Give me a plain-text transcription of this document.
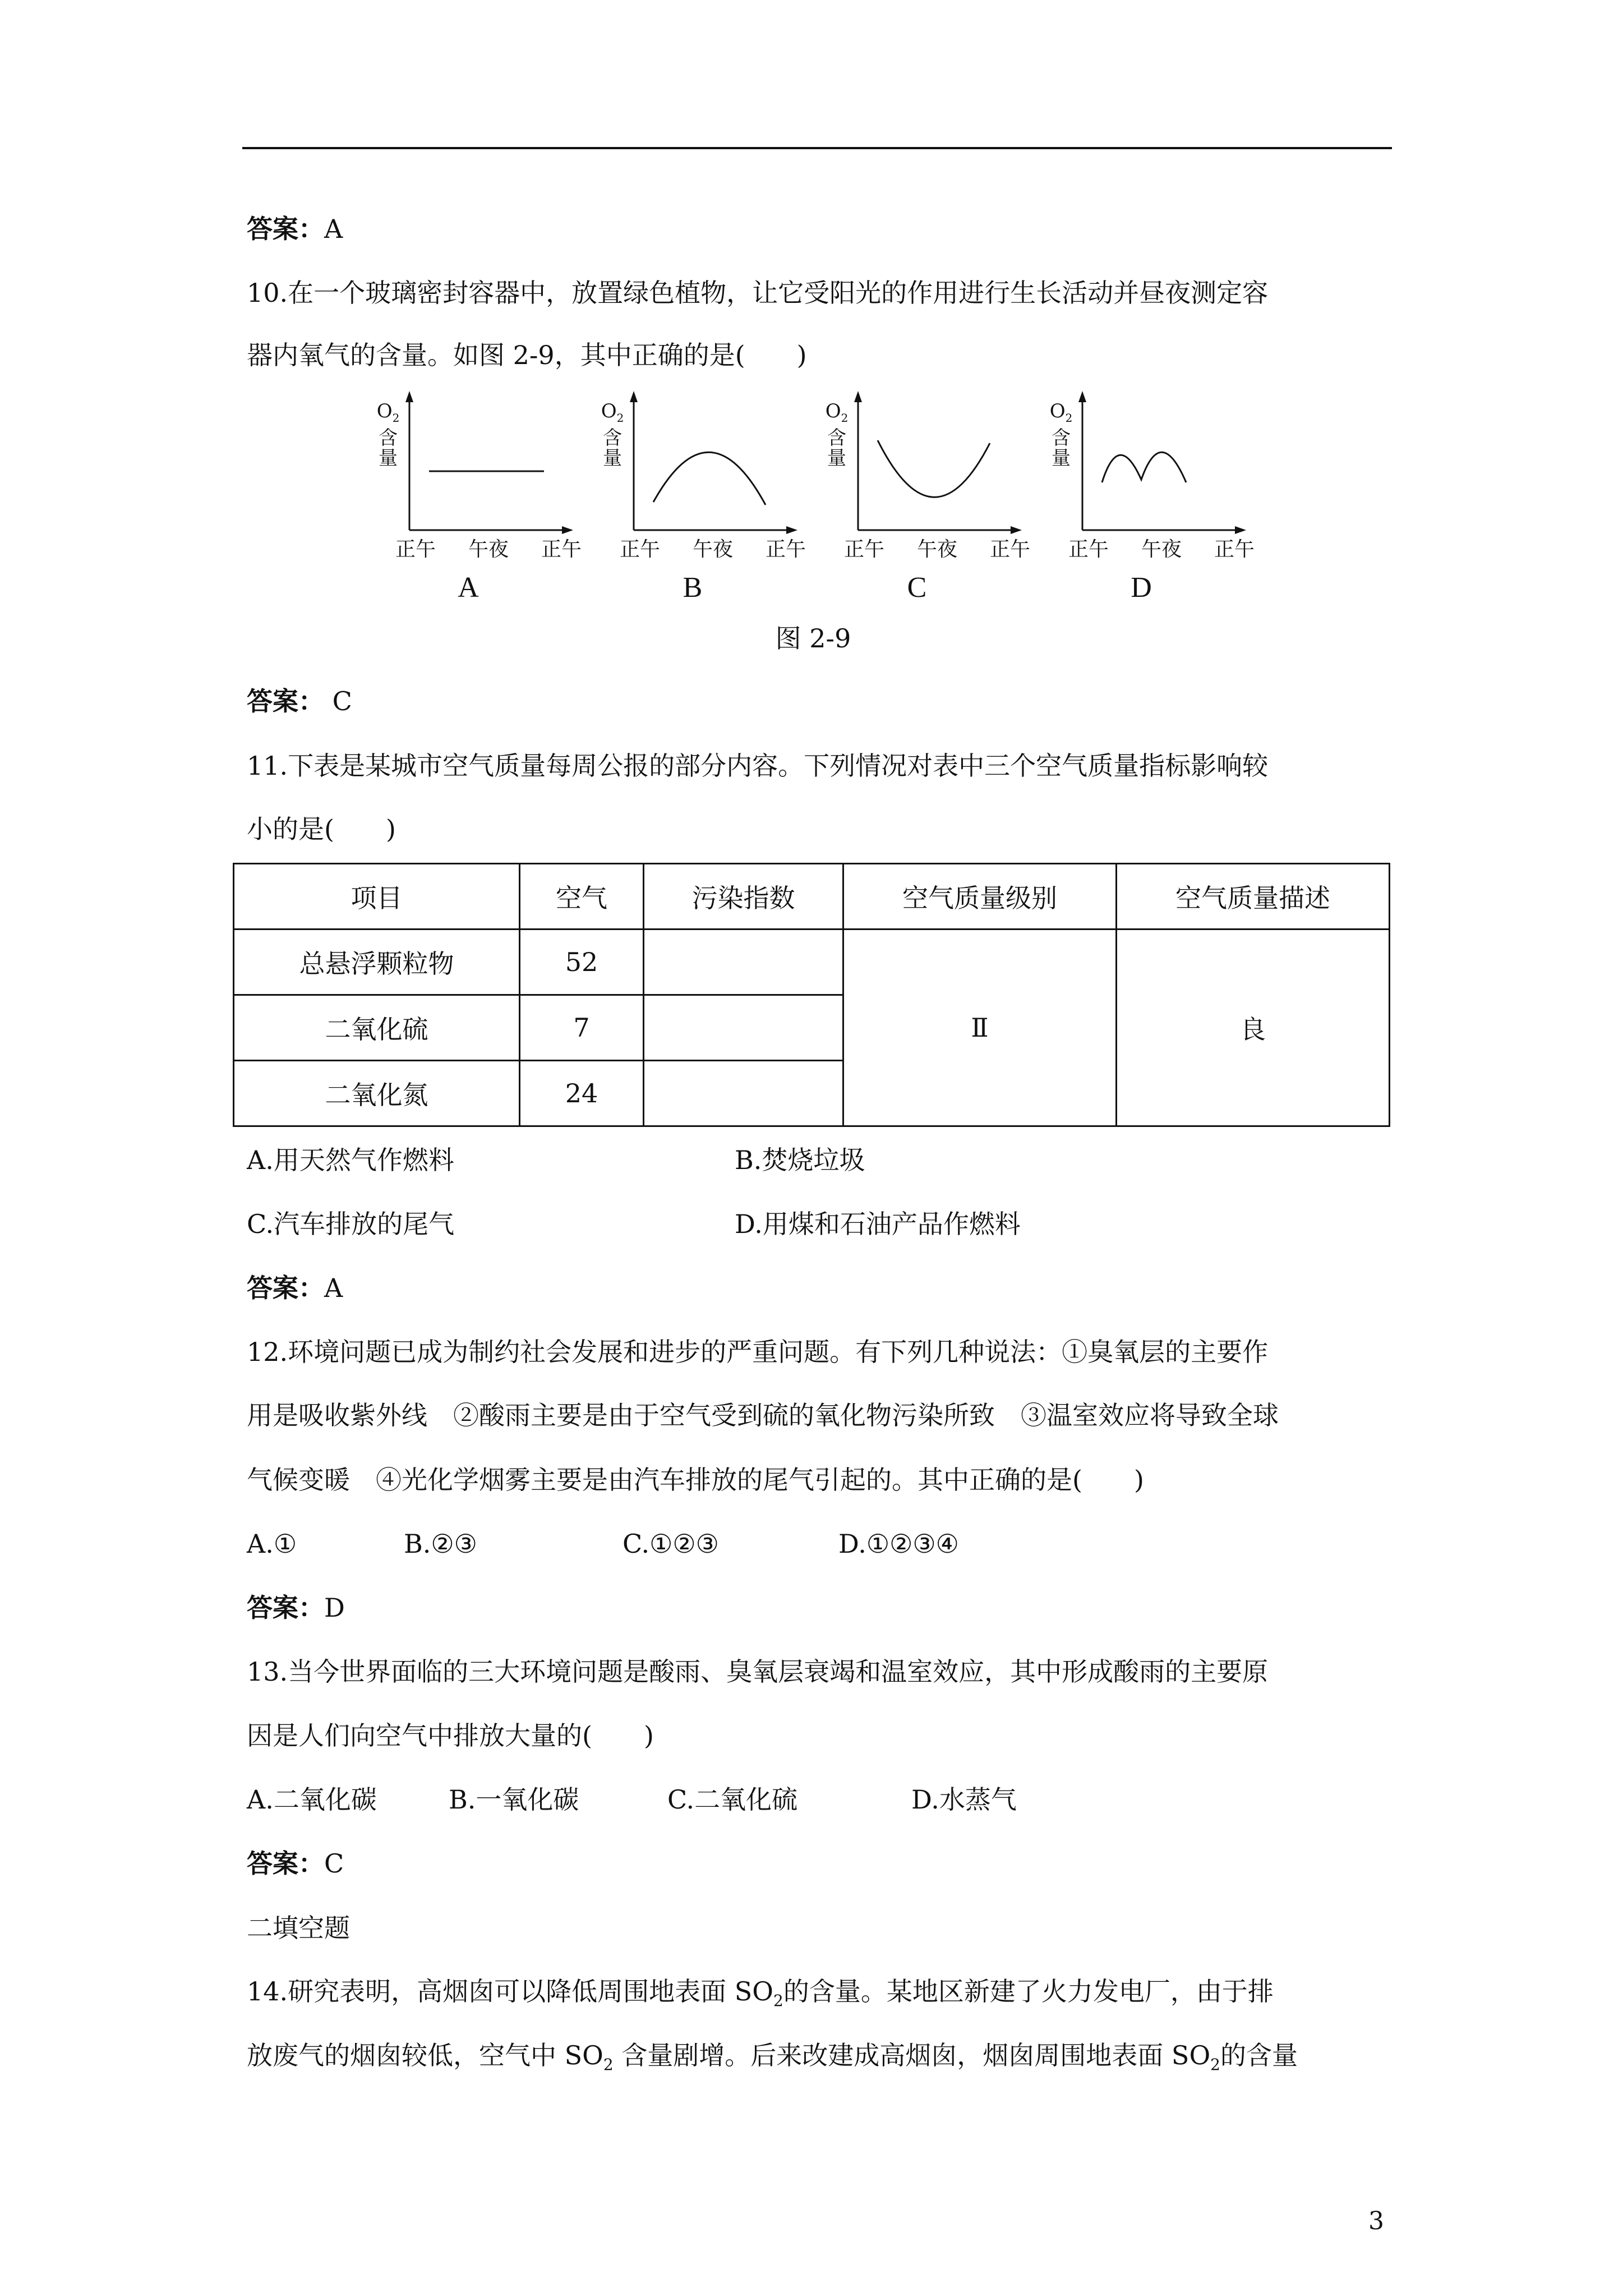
答案：A
10.在一个玻璃密封容器中，放置绿色植物，让它受阳光的作用进行生长活动并昼夜测定容
器内氧气的含量。如图 2-9，其中正确的是(　　)
$O_2$
含
量
正午 午夜 正午
A
$O_2$
含
量
正午 午夜 正午
B
$O_2$
含
量
正午 午夜 正午
C
$O_2$
含
量
正午 午夜 正午
D
图 2-9
答案： C
11.下表是某城市空气质量每周公报的部分内容。下列情况对表中三个空气质量指标影响较
小的是(　　)
项目	空气	污染指数	空气质量级别	空气质量描述
总悬浮颗粒物	52		Ⅱ	良
二氧化硫	7			
二氧化氮	24			
A.用天然气作燃料	B.焚烧垃圾
C.汽车排放的尾气	D.用煤和石油产品作燃料
答案：A
12.环境问题已成为制约社会发展和进步的严重问题。有下列几种说法：①臭氧层的主要作
用是吸收紫外线　②酸雨主要是由于空气受到硫的氧化物污染所致　③温室效应将导致全球
气候变暖　④光化学烟雾主要是由汽车排放的尾气引起的。其中正确的是(　　)
A.①	B.②③	C.①②③	D.①②③④
答案：D
13.当今世界面临的三大环境问题是酸雨、臭氧层衰竭和温室效应，其中形成酸雨的主要原
因是人们向空气中排放大量的(　　)
A.二氧化碳	B.一氧化碳	C.二氧化硫	D.水蒸气
答案：C
二填空题
14.研究表明，高烟囱可以降低周围地表面 $SO_2$的含量。某地区新建了火力发电厂，由于排
放废气的烟囱较低，空气中 $SO_2$ 含量剧增。后来改建成高烟囱，烟囱周围地表面 $SO_2$的含量
3
